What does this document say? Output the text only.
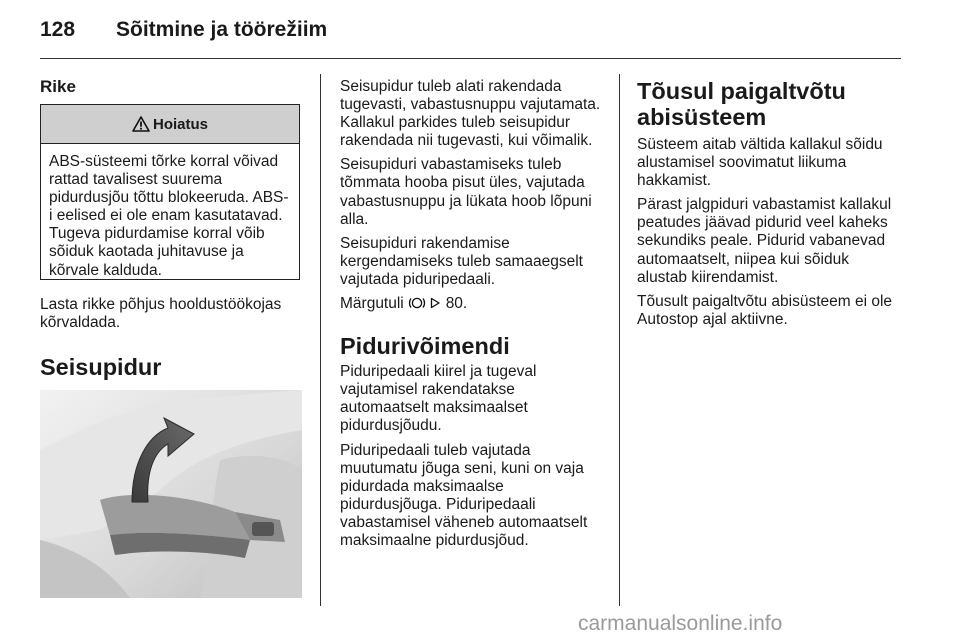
128 Sõitmine ja töörežiim
Rike
Hoiatus
ABS-süsteemi tõrke korral võivad rattad tavalisest suurema pidurdusjõu tõttu blokeeruda. ABS-i eelised ei ole enam kasutatavad. Tugeva pidurdamise korral võib sõiduk kaotada juhitavuse ja kõrvale kalduda.

Lasta rikke põhjus hooldustöökojas kõrvaldada.

Seisupidur

Seisupidur tuleb alati rakendada tugevasti, vabastusnuppu vajutamata. Kallakul parkides tuleb seisupidur rakendada nii tugevasti, kui võimalik.

Seisupiduri vabastamiseks tuleb tõmmata hooba pisut üles, vajutada vabastusnuppu ja lükata hoob lõpuni alla.

Seisupiduri rakendamise kergendamiseks tuleb samaaegselt vajutada piduripedaali.

Märgutuli	80.

Pidurivõimendi

Piduripedaali kiirel ja tugeval vajutamisel rakendatakse automaatselt maksimaalset pidurdusjõudu.

Piduripedaali tuleb vajutada muutumatu jõuga seni, kuni on vaja pidurdada maksimaalse pidurdusjõuga. Piduripedaali vabastamisel väheneb automaatselt maksimaalne pidurdusjõud.

Tõusul paigaltvõtu abisüsteem

Süsteem aitab vältida kallakul sõidu alustamisel soovimatut liikuma hakkamist.

Pärast jalgpiduri vabastamist kallakul peatudes jäävad pidurid veel kaheks sekundiks peale. Pidurid vabanevad automaatselt, niipea kui sõiduk alustab kiirendamist.

Tõusult paigaltvõtu abisüsteem ei ole Autostop ajal aktiivne.

carmanualsonline.info
